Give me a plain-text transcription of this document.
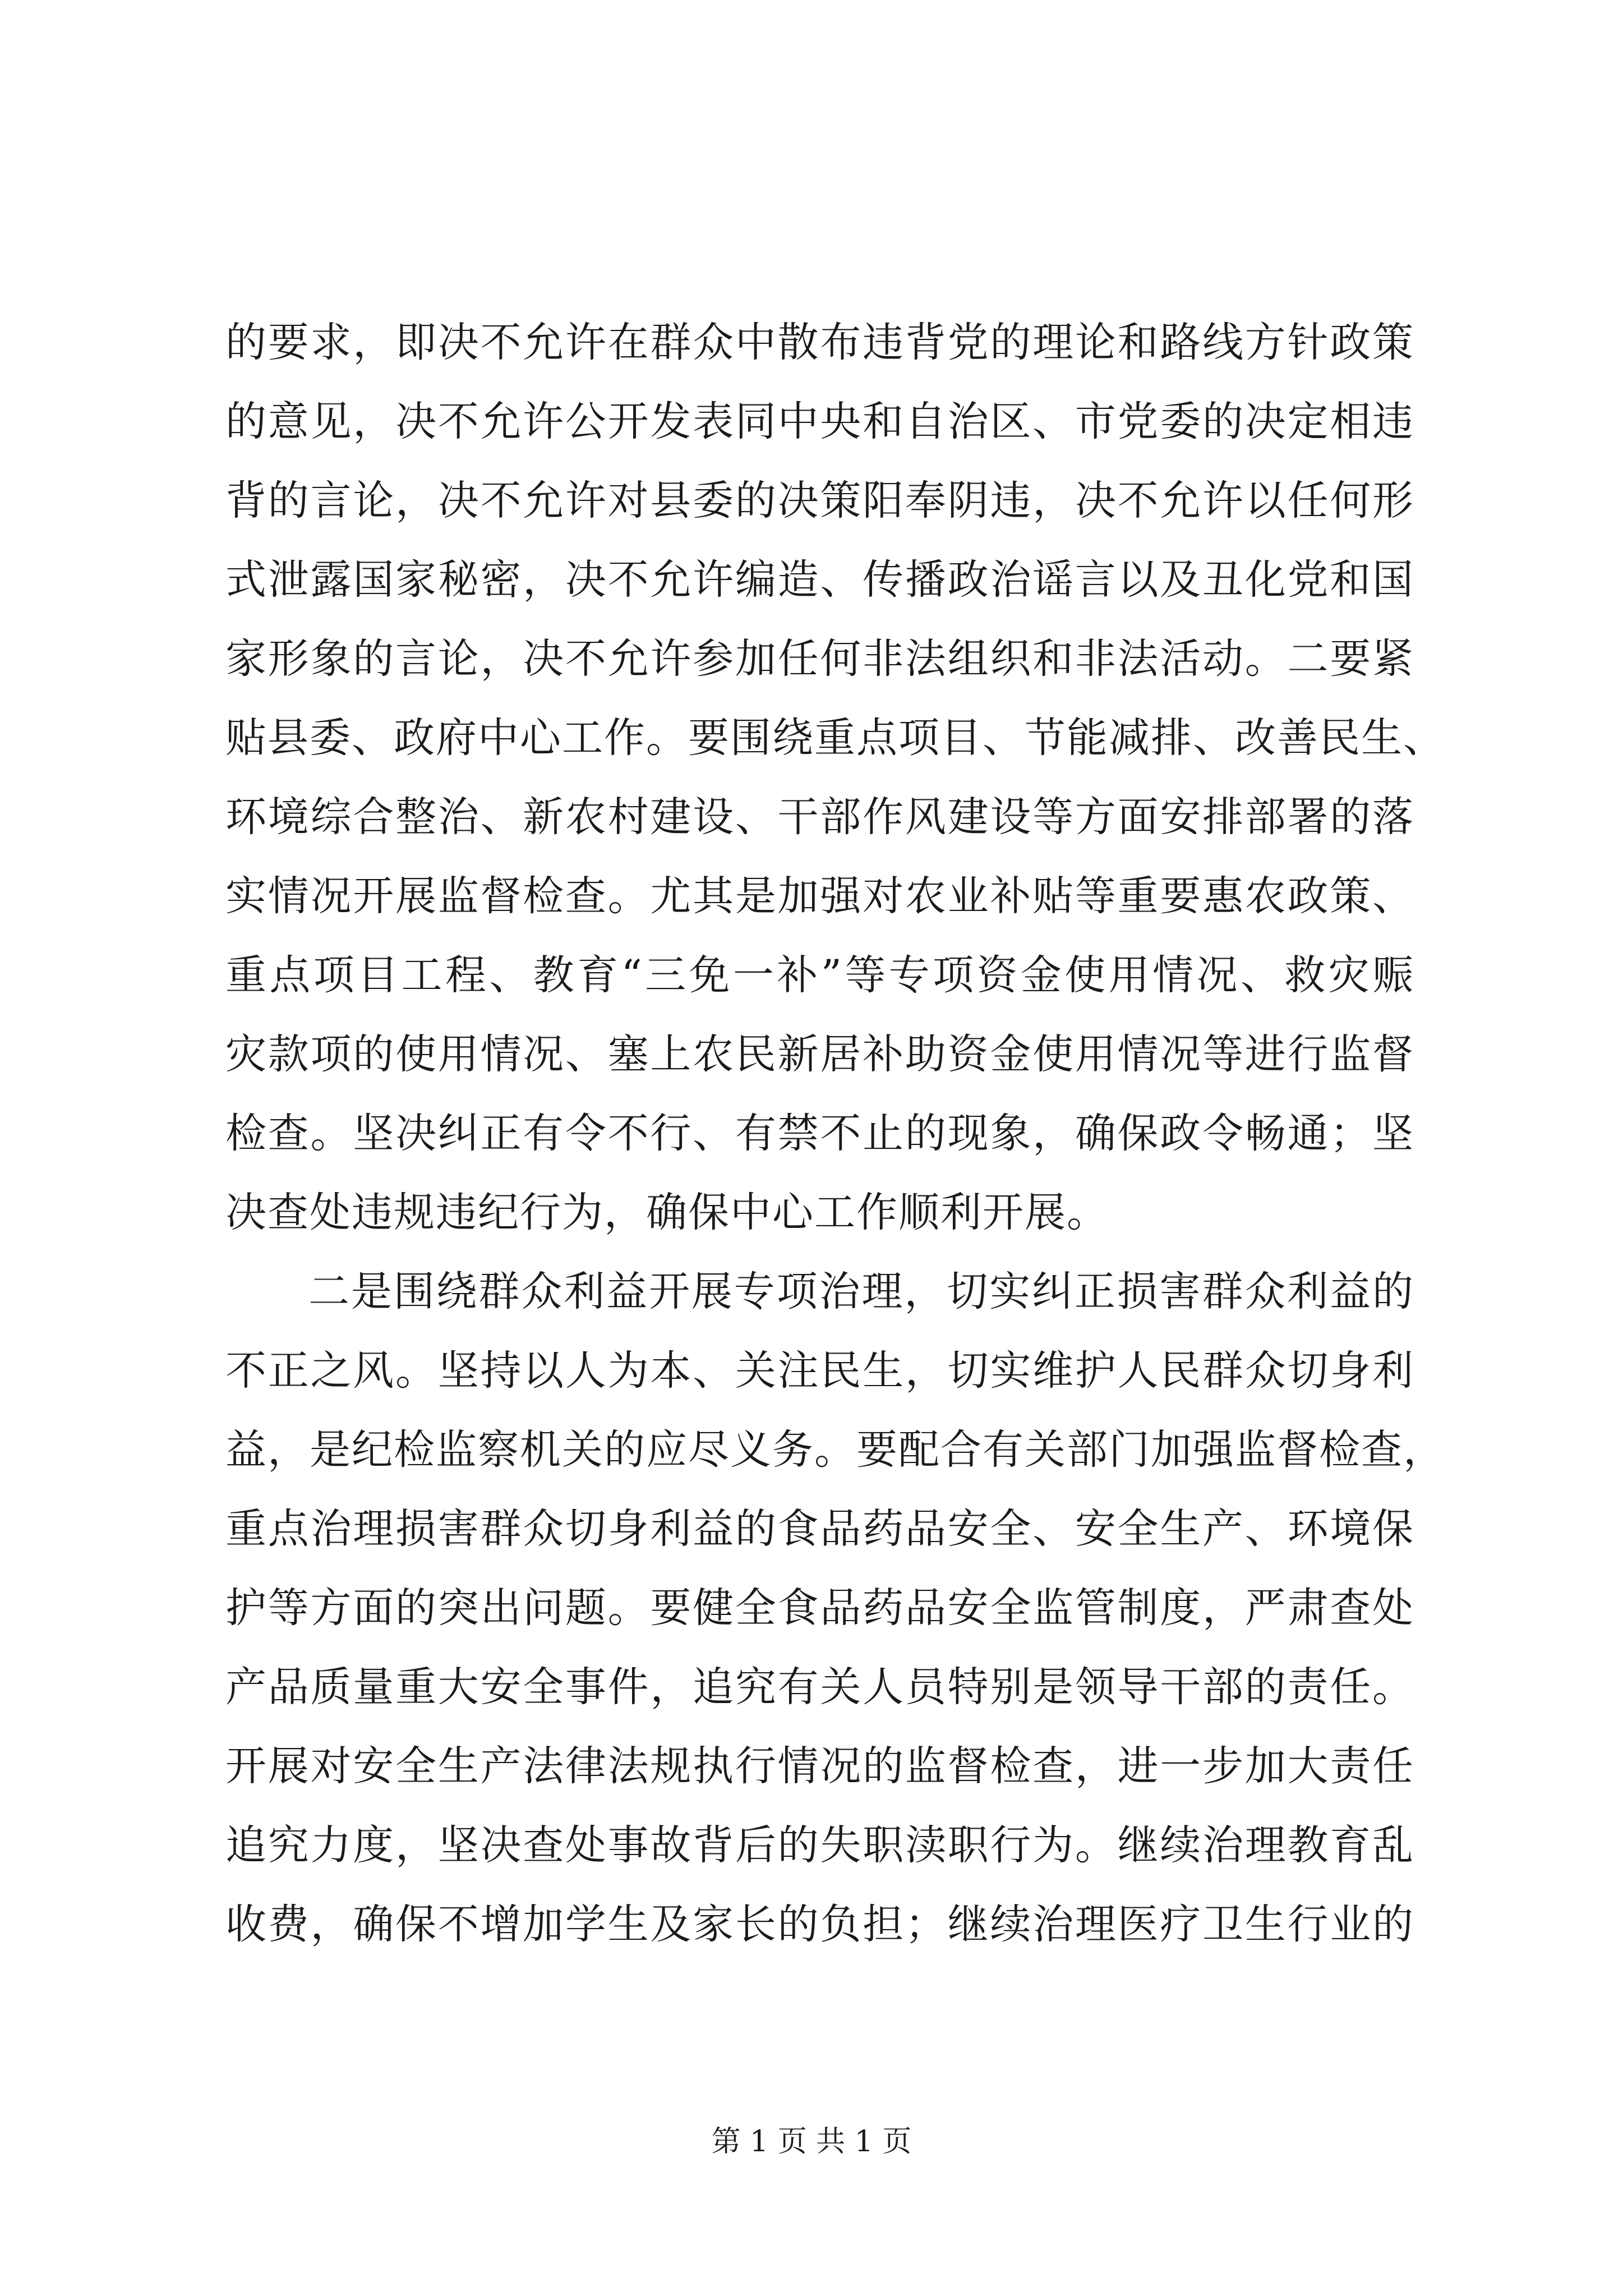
的要求，即决不允许在群众中散布违背党的理论和路线方针政策
的意见，决不允许公开发表同中央和自治区、市党委的决定相违
背的言论，决不允许对县委的决策阳奉阴违，决不允许以任何形
式泄露国家秘密，决不允许编造、传播政治谣言以及丑化党和国
家形象的言论，决不允许参加任何非法组织和非法活动。二要紧
贴县委、政府中心工作。要围绕重点项目、节能减排、改善民生、
环境综合整治、新农村建设、干部作风建设等方面安排部署的落
实情况开展监督检查。尤其是加强对农业补贴等重要惠农政策、
重点项目工程、教育“三免一补”等专项资金使用情况、救灾赈
灾款项的使用情况、塞上农民新居补助资金使用情况等进行监督
检查。坚决纠正有令不行、有禁不止的现象，确保政令畅通；坚
决查处违规违纪行为，确保中心工作顺利开展。
二是围绕群众利益开展专项治理，切实纠正损害群众利益的
不正之风。坚持以人为本、关注民生，切实维护人民群众切身利
益，是纪检监察机关的应尽义务。要配合有关部门加强监督检查，
重点治理损害群众切身利益的食品药品安全、安全生产、环境保
护等方面的突出问题。要健全食品药品安全监管制度，严肃查处
产品质量重大安全事件，追究有关人员特别是领导干部的责任。
开展对安全生产法律法规执行情况的监督检查，进一步加大责任
追究力度，坚决查处事故背后的失职渎职行为。继续治理教育乱
收费，确保不增加学生及家长的负担；继续治理医疗卫生行业的
第 1 页 共 1 页
